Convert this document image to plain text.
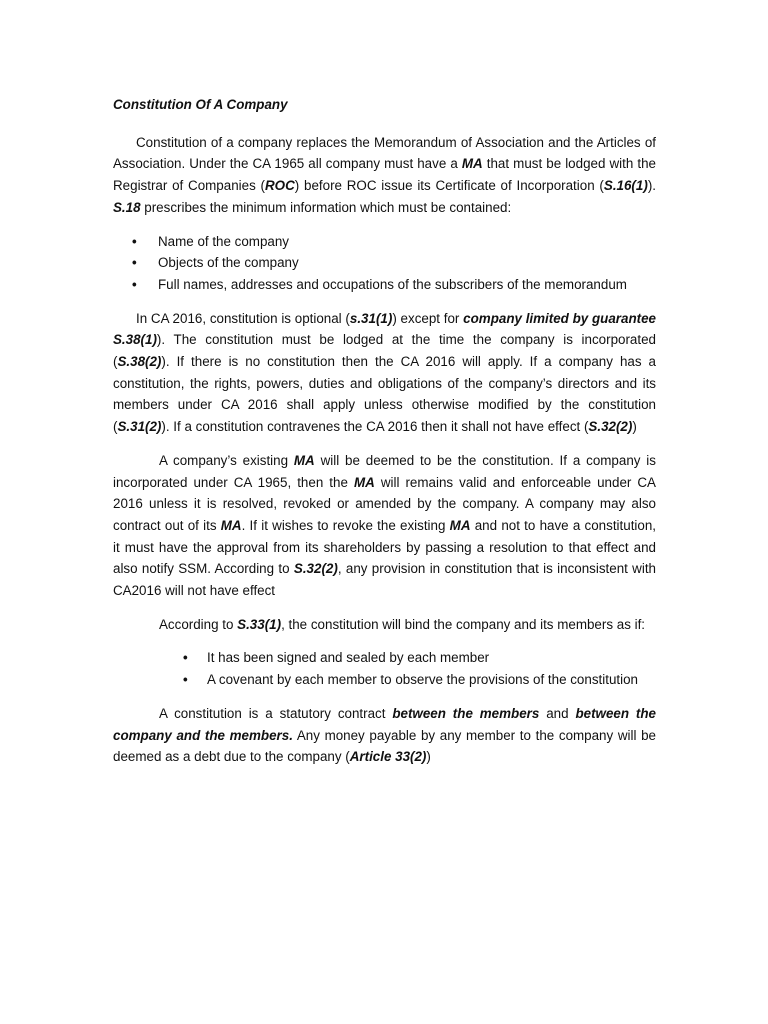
Constitution Of A Company

Constitution of a company replaces the Memorandum of Association and the Articles of Association. Under the CA 1965 all company must have a MA that must be lodged with the Registrar of Companies (ROC) before ROC issue its Certificate of Incorporation (S.16(1)). S.18 prescribes the minimum information which must be contained:

• Name of the company
• Objects of the company
• Full names, addresses and occupations of the subscribers of the memorandum

In CA 2016, constitution is optional (s.31(1)) except for company limited by guarantee S.38(1)). The constitution must be lodged at the time the company is incorporated (S.38(2)). If there is no constitution then the CA 2016 will apply. If a company has a constitution, the rights, powers, duties and obligations of the company’s directors and its members under CA 2016 shall apply unless otherwise modified by the constitution (S.31(2)). If a constitution contravenes the CA 2016 then it shall not have effect (S.32(2))

A company’s existing MA will be deemed to be the constitution. If a company is incorporated under CA 1965, then the MA will remains valid and enforceable under CA 2016 unless it is resolved, revoked or amended by the company. A company may also contract out of its MA. If it wishes to revoke the existing MA and not to have a constitution, it must have the approval from its shareholders by passing a resolution to that effect and also notify SSM. According to S.32(2), any provision in constitution that is inconsistent with CA2016 will not have effect

According to S.33(1), the constitution will bind the company and its members as if:

• It has been signed and sealed by each member
• A covenant by each member to observe the provisions of the constitution

A constitution is a statutory contract between the members and between the company and the members. Any money payable by any member to the company will be deemed as a debt due to the company (Article 33(2))
